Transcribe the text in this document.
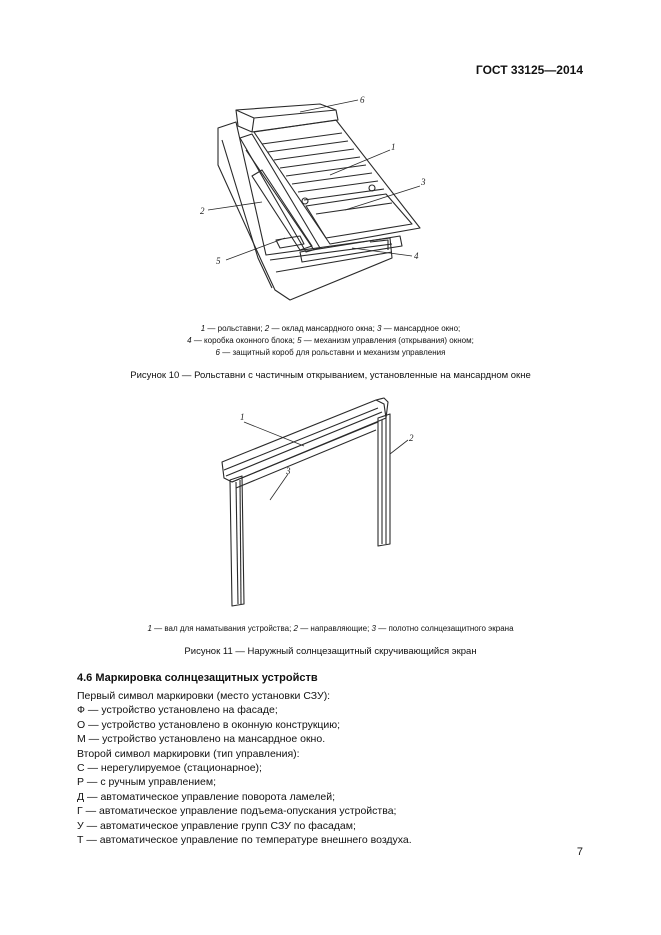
ГОСТ 33125—2014
6
1
3
2
5	4
1
2
3
1 — рольставни; 2 — оклад мансардного окна; 3 — мансардное окно;
4 — коробка оконного блока; 5 — механизм управления (открывания) окном;
6 — защитный короб для рольставни и механизм управления
Рисунок 10 — Рольставни с частичным открыванием, установленные на мансардном окне
1 — вал для наматывания устройства; 2 — направляющие; 3 — полотно солнцезащитного экрана
Рисунок 11 — Наружный солнцезащитный скручивающийся экран
4.6 Маркировка солнцезащитных устройств
Первый символ маркировки (место установки СЗУ):
Ф — устройство установлено на фасаде;
О — устройство установлено в оконную конструкцию;
М — устройство установлено на мансардное окно.
Второй символ маркировки (тип управления):
С — нерегулируемое (стационарное);
Р — с ручным управлением;
Д — автоматическое управление поворота ламелей;
Г — автоматическое управление подъема-опускания устройства;
У — автоматическое управление групп СЗУ по фасадам;
Т — автоматическое управление по температуре внешнего воздуха.
7
